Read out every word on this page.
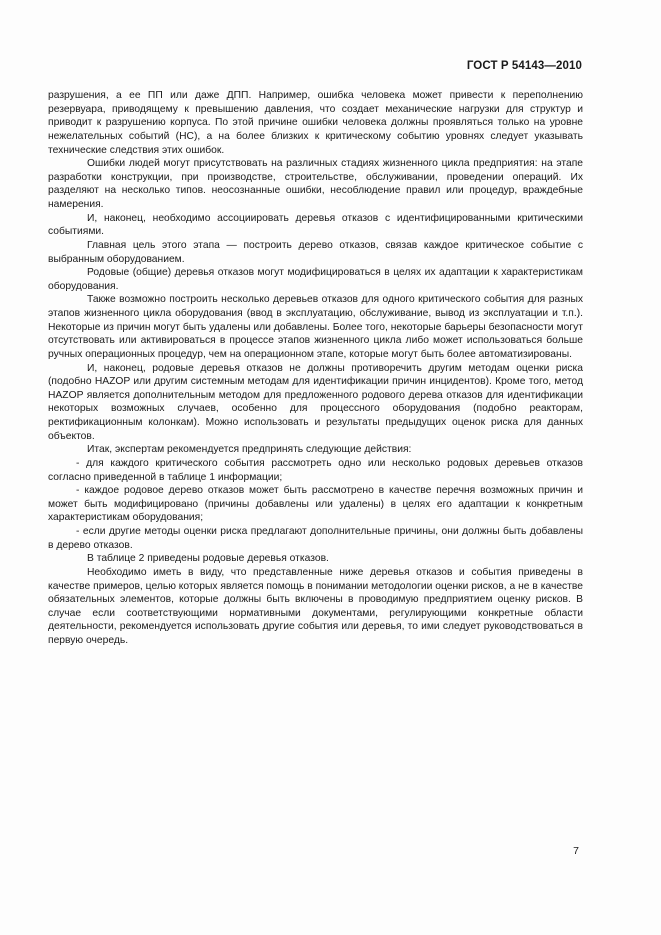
ГОСТ Р 54143—2010

разрушения, а ее ПП или даже ДПП. Например, ошибка человека может привести к переполнению резервуара, приводящему к превышению давления, что создает механические нагрузки для структур и приводит к разрушению корпуса. По этой причине ошибки человека должны проявляться только на уровне нежелательных событий (НС), а на более близких к критическому событию уровнях следует указывать технические следствия этих ошибок.

Ошибки людей могут присутствовать на различных стадиях жизненного цикла предприятия: на этапе разработки конструкции, при производстве, строительстве, обслуживании, проведении операций. Их разделяют на несколько типов. неосознанные ошибки, несоблюдение правил или процедур, враждебные намерения.

И, наконец, необходимо ассоциировать деревья отказов с идентифицированными критическими событиями.

Главная цель этого этапа — построить дерево отказов, связав каждое критическое событие с выбранным оборудованием.

Родовые (общие) деревья отказов могут модифицироваться в целях их адаптации к характеристикам оборудования.

Также возможно построить несколько деревьев отказов для одного критического события для разных этапов жизненного цикла оборудования (ввод в эксплуатацию, обслуживание, вывод из эксплуатации и т.п.). Некоторые из причин могут быть удалены или добавлены. Более того, некоторые барьеры безопасности могут отсутствовать или активироваться в процессе этапов жизненного цикла либо может использоваться больше ручных операционных процедур, чем на операционном этапе, которые могут быть более автоматизированы.

И, наконец, родовые деревья отказов не должны противоречить другим методам оценки риска (подобно HAZOP или другим системным методам для идентификации причин инцидентов). Кроме того, метод HAZOP является дополнительным методом для предложенного родового дерева отказов для идентификации некоторых возможных случаев, особенно для процессного оборудования (подобно реакторам, ректификационным колонкам). Можно использовать и результаты предыдущих оценок риска для данных объектов.

Итак, экспертам рекомендуется предпринять следующие действия:

- для каждого критического события рассмотреть одно или несколько родовых деревьев отказов согласно приведенной в таблице 1 информации;

- каждое родовое дерево отказов может быть рассмотрено в качестве перечня возможных причин и может быть модифицировано (причины добавлены или удалены) в целях его адаптации к конкретным характеристикам оборудования;

- если другие методы оценки риска предлагают дополнительные причины, они должны быть добавлены в дерево отказов.

В таблице 2 приведены родовые деревья отказов.

Необходимо иметь в виду, что представленные ниже деревья отказов и события приведены в качестве примеров, целью которых является помощь в понимании методологии оценки рисков, а не в качестве обязательных элементов, которые должны быть включены в проводимую предприятием оценку рисков. В случае если соответствующими нормативными документами, регулирующими конкретные области деятельности, рекомендуется использовать другие события или деревья, то ими следует руководствоваться в первую очередь.

7
